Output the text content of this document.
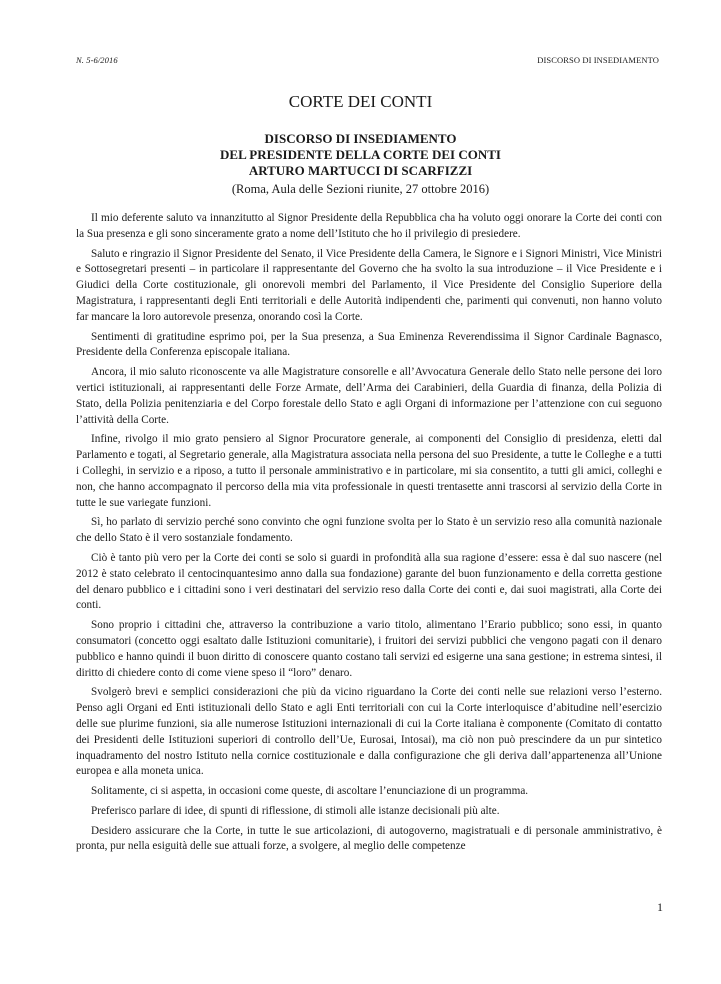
N. 5-6/2016	DISCORSO DI INSEDIAMENTO
CORTE DEI CONTI
DISCORSO DI INSEDIAMENTO
DEL PRESIDENTE DELLA CORTE DEI CONTI
ARTURO MARTUCCI DI SCARFIZZI
(Roma, Aula delle Sezioni riunite, 27 ottobre 2016)

Il mio deferente saluto va innanzitutto al Signor Presidente della Repubblica cha ha voluto oggi onorare la Corte dei conti con la Sua presenza e gli sono sinceramente grato a nome dell’Istituto che ho il privilegio di presiedere.

Saluto e ringrazio il Signor Presidente del Senato, il Vice Presidente della Camera, le Signore e i Signori Ministri, Vice Ministri e Sottosegretari presenti – in particolare il rappresentante del Governo che ha svolto la sua introduzione – il Vice Presidente e i Giudici della Corte costituzionale, gli onorevoli membri del Parlamento, il Vice Presidente del Consiglio Superiore della Magistratura, i rappresentanti degli Enti territoriali e delle Autorità indipendenti che, parimenti qui convenuti, non hanno voluto far mancare la loro autorevole presenza, onorando così la Corte.

Sentimenti di gratitudine esprimo poi, per la Sua presenza, a Sua Eminenza Reverendissima il Signor Cardinale Bagnasco, Presidente della Conferenza episcopale italiana.

Ancora, il mio saluto riconoscente va alle Magistrature consorelle e all’Avvocatura Generale dello Stato nelle persone dei loro vertici istituzionali, ai rappresentanti delle Forze Armate, dell’Arma dei Carabinieri, della Guardia di finanza, della Polizia di Stato, della Polizia penitenziaria e del Corpo forestale dello Stato e agli Organi di informazione per l’attenzione con cui seguono l’attività della Corte.

Infine, rivolgo il mio grato pensiero al Signor Procuratore generale, ai componenti del Consiglio di presidenza, eletti dal Parlamento e togati, al Segretario generale, alla Magistratura associata nella persona del suo Presidente, a tutte le Colleghe e a tutti i Colleghi, in servizio e a riposo, a tutto il personale amministrativo e in particolare, mi sia consentito, a tutti gli amici, colleghi e non, che hanno accompagnato il percorso della mia vita professionale in questi trentasette anni trascorsi al servizio della Corte in tutte le sue variegate funzioni.

Sì, ho parlato di servizio perché sono convinto che ogni funzione svolta per lo Stato è un servizio reso alla comunità nazionale che dello Stato è il vero sostanziale fondamento.

Ciò è tanto più vero per la Corte dei conti se solo si guardi in profondità alla sua ragione d’essere: essa è dal suo nascere (nel 2012 è stato celebrato il centocinquantesimo anno dalla sua fondazione) garante del buon funzionamento e della corretta gestione del denaro pubblico e i cittadini sono i veri destinatari del servizio reso dalla Corte dei conti e, dai suoi magistrati, alla Corte dei conti.

Sono proprio i cittadini che, attraverso la contribuzione a vario titolo, alimentano l’Erario pubblico; sono essi, in quanto consumatori (concetto oggi esaltato dalle Istituzioni comunitarie), i fruitori dei servizi pubblici che vengono pagati con il denaro pubblico e hanno quindi il buon diritto di conoscere quanto costano tali servizi ed esigerne una sana gestione; in estrema sintesi, il diritto di chiedere conto di come viene speso il “loro” denaro.

Svolgerò brevi e semplici considerazioni che più da vicino riguardano la Corte dei conti nelle sue relazioni verso l’esterno. Penso agli Organi ed Enti istituzionali dello Stato e agli Enti territoriali con cui la Corte interloquisce d’abitudine nell’esercizio delle sue plurime funzioni, sia alle numerose Istituzioni internazionali di cui la Corte italiana è componente (Comitato di contatto dei Presidenti delle Istituzioni superiori di controllo dell’Ue, Eurosai, Intosai), ma ciò non può prescindere da un pur sintetico inquadramento del nostro Istituto nella cornice costituzionale e dalla configurazione che gli deriva dall’appartenenza all’Unione europea e alla moneta unica.

Solitamente, ci si aspetta, in occasioni come queste, di ascoltare l’enunciazione di un programma.

Preferisco parlare di idee, di spunti di riflessione, di stimoli alle istanze decisionali più alte.

Desidero assicurare che la Corte, in tutte le sue articolazioni, di autogoverno, magistratuali e di personale amministrativo, è pronta, pur nella esiguità delle sue attuali forze, a svolgere, al meglio delle competenze

1
